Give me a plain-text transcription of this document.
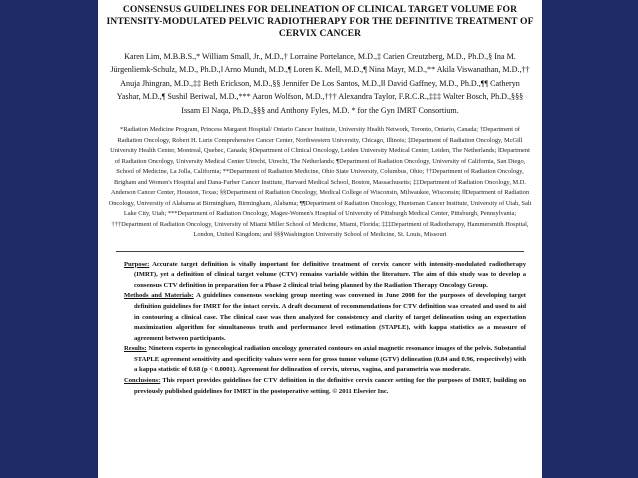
CONSENSUS GUIDELINES FOR DELINEATION OF CLINICAL TARGET VOLUME FOR INTENSITY-MODULATED PELVIC RADIOTHERAPY FOR THE DEFINITIVE TREATMENT OF CERVIX CANCER
Karen Lim, M.B.B.S.,* William Small, Jr., M.D.,† Lorraine Portelance, M.D.,‡ Carien Creutzberg, M.D., Ph.D.,§ Ina M. Jürgenliemk-Schulz, M.D., Ph.D.,‖ Arno Mundt, M.D.,¶ Loren K. Mell, M.D.,¶ Nina Mayr, M.D.,** Akila Viswanathan, M.D.,†† Anuja Jhingran, M.D.,‡‡ Beth Erickson, M.D.,§§ Jennifer De Los Santos, M.D.,‖‖ David Gaffney, M.D., Ph.D.,¶¶ Catheryn Yashar, M.D.,¶ Sushil Beriwal, M.D.,*** Aaron Wolfson, M.D.,††† Alexandra Taylor, F.R.C.R.,‡‡‡ Walter Bosch, Ph.D.,§§§ Issam El Naqa, Ph.D.,§§§ and Anthony Fyles, M.D. * for the Gyn IMRT Consortium.
*Radiation Medicine Program, Princess Margaret Hospital/ Ontario Cancer Institute, University Health Network, Toronto, Ontario, Canada; †Department of Radiation Oncology, Robert H. Lurie Comprehensive Cancer Center, Northwestern University, Chicago, Illinois; ‡Department of Radiation Oncology, McGill University Health Center, Montreal, Quebec, Canada; §Department of Clinical Oncology, Leiden University Medical Center, Leiden, The Netherlands; ‖Department of Radiation Oncology, University Medical Center Utrecht, Utrecht, The Netherlands; ¶Department of Radiation Oncology, University of California, San Diego, School of Medicine, La Jolla, California; **Department of Radiation Medicine, Ohio State University, Columbus, Ohio; ††Department of Radiation Oncology, Brigham and Women's Hospital and Dana-Farber Cancer Institute, Harvard Medical School, Boston, Massachusetts; ‡‡Department of Radiation Oncology, M.D. Anderson Cancer Center, Houston, Texas; §§Department of Radiation Oncology, Medical College of Wisconsin, Milwaukee, Wisconsin; ‖‖Department of Radiation Oncology, University of Alabama at Birmingham, Birmingham, Alabama; ¶¶Department of Radiation Oncology, Huntsman Cancer Institute, University of Utah, Salt Lake City, Utah; ***Department of Radiation Oncology, Magee-Women's Hospital of University of Pittsburgh Medical Center, Pittsburgh, Pennsylvania; †††Department of Radiation Oncology, University of Miami Miller School of Medicine, Miami, Florida; ‡‡‡Department of Radiotherapy, Hammersmith Hospital, London, United Kingdom; and §§§Washington University School of Medicine, St. Louis, Missouri

Purpose: Accurate target definition is vitally important for definitive treatment of cervix cancer with intensity-modulated radiotherapy (IMRT), yet a definition of clinical target volume (CTV) remains variable within the literature. The aim of this study was to develop a consensus CTV definition in preparation for a Phase 2 clinical trial being planned by the Radiation Therapy Oncology Group.

Methods and Materials: A guidelines consensus working group meeting was convened in June 2008 for the purposes of developing target definition guidelines for IMRT for the intact cervix. A draft document of recommendations for CTV definition was created and used to aid in contouring a clinical case. The clinical case was then analyzed for consistency and clarity of target delineation using an expectation maximization algorithm for simultaneous truth and performance level estimation (STAPLE), with kappa statistics as a measure of agreement between participants.

Results: Nineteen experts in gynecological radiation oncology generated contours on axial magnetic resonance images of the pelvis. Substantial STAPLE agreement sensitivity and specificity values were seen for gross tumor volume (GTV) delineation (0.84 and 0.96, respectively) with a kappa statistic of 0.68 (p < 0.0001). Agreement for delineation of cervix, uterus, vagina, and parametria was moderate.

Conclusions: This report provides guidelines for CTV definition in the definitive cervix cancer setting for the purposes of IMRT, building on previously published guidelines for IMRT in the postoperative setting. © 2011 Elsevier Inc.
